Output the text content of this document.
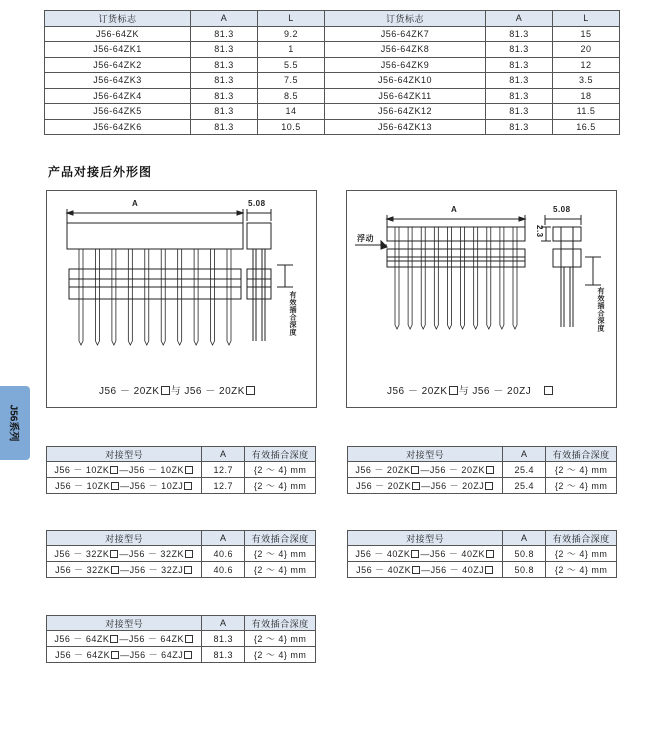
订货标志	A	L	订货标志	A	L
J56-64ZK	81.3	9.2	J56-64ZK7	81.3	15
J56-64ZK1	81.3	1	J56-64ZK8	81.3	20
J56-64ZK2	81.3	5.5	J56-64ZK9	81.3	12
J56-64ZK3	81.3	7.5	J56-64ZK10	81.3	3.5
J56-64ZK4	81.3	8.5	J56-64ZK11	81.3	18
J56-64ZK5	81.3	14	J56-64ZK12	81.3	11.5
J56-64ZK6	81.3	10.5	J56-64ZK13	81.3	16.5
产品对接后外形图
A	5.08
有效插合深度
J56 － 20ZK 与 J56 － 20ZK
A	5.08
2.3
浮动
有效插合深度
J56 － 20ZK 与 J56 － 20ZJ
J56系列
对接型号	A	有效插合深度
J56 － 10ZK —J56 － 10ZK	12.7	{2 ～ 4} mm
J56 － 10ZK —J56 － 10ZJ	12.7	{2 ～ 4} mm
对接型号	A	有效插合深度
J56 － 20ZK —J56 － 20ZK	25.4	{2 ～ 4} mm
J56 － 20ZK —J56 － 20ZJ	25.4	{2 ～ 4} mm
对接型号	A	有效插合深度
J56 － 32ZK —J56 － 32ZK	40.6	{2 ～ 4} mm
J56 － 32ZK —J56 － 32ZJ	40.6	{2 ～ 4} mm
对接型号	A	有效插合深度
J56 － 40ZK —J56 － 40ZK	50.8	{2 ～ 4} mm
J56 － 40ZK —J56 － 40ZJ	50.8	{2 ～ 4} mm
对接型号	A	有效插合深度
J56 － 64ZK —J56 － 64ZK	81.3	{2 ～ 4} mm
J56 － 64ZK —J56 － 64ZJ	81.3	{2 ～ 4} mm
